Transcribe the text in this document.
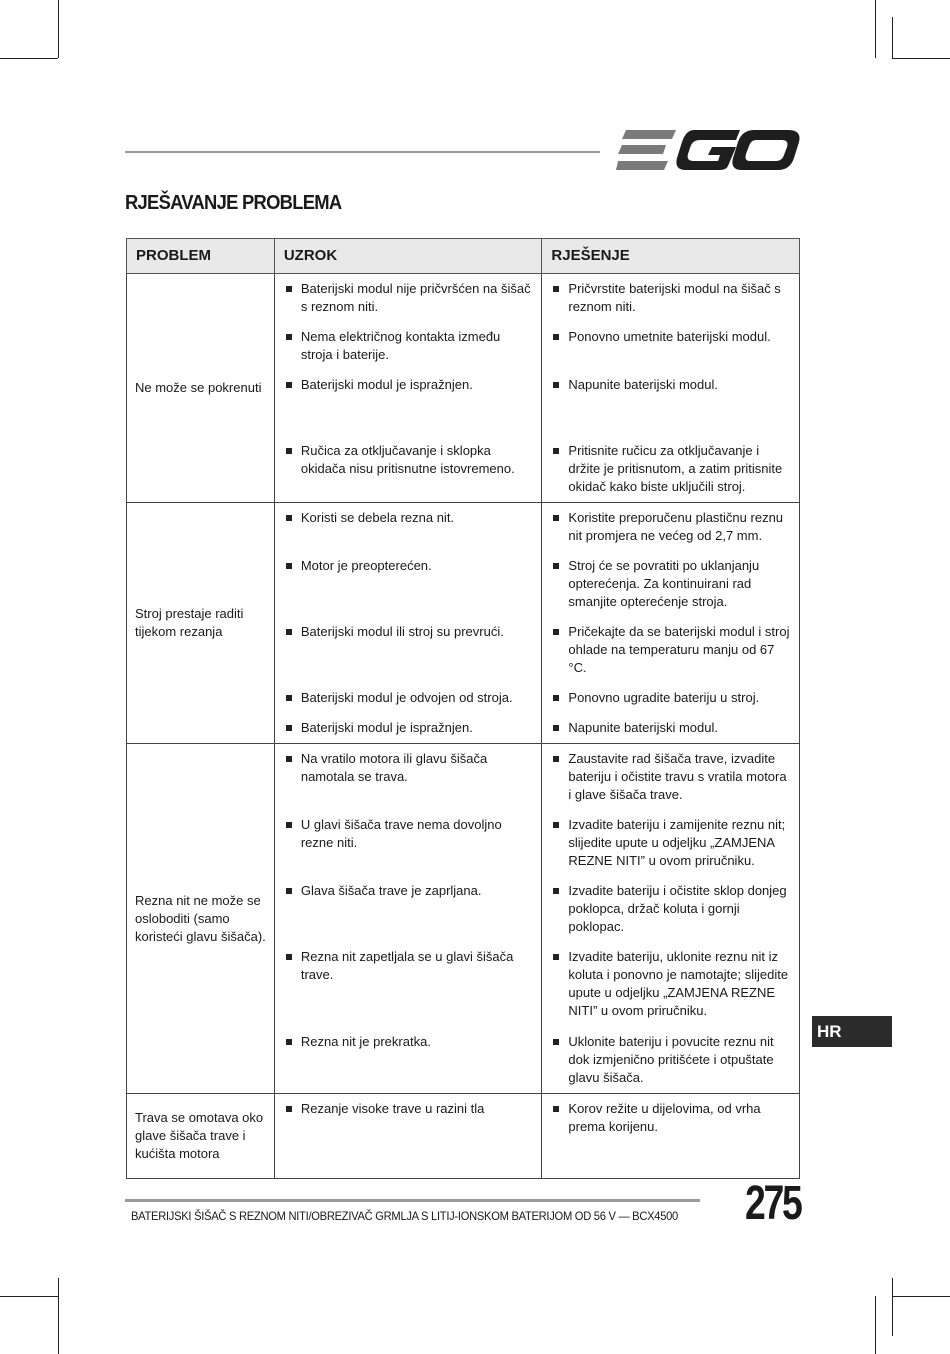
RJEŠAVANJE PROBLEMA
PROBLEM	UZROK	RJEŠENJE
Ne može se pokrenuti	Baterijski modul nije pričvršćen na šišač s reznom niti.	Pričvrstite baterijski modul na šišač s reznom niti.

Nema električnog kontakta između stroja i baterije.	Ponovno umetnite baterijski modul.

Baterijski modul je ispražnjen.	Napunite baterijski modul.

Ručica za otključavanje i sklopka okidača nisu pritisnutne istovremeno.	Pritisnite ručicu za otključavanje i držite je pritisnutom, a zatim pritisnite okidač kako biste uključili stroj.

Stroj prestaje raditi tijekom rezanja	Koristi se debela rezna nit.	Koristite preporučenu plastičnu reznu nit promjera ne većeg od 2,7 mm.

Motor je preopterećen.	Stroj će se povratiti po uklanjanju opterećenja. Za kontinuirani rad smanjite opterećenje stroja.

Baterijski modul ili stroj su prevrući.	Pričekajte da se baterijski modul i stroj ohlade na temperaturu manju od 67 °C.

Baterijski modul je odvojen od stroja.	Ponovno ugradite bateriju u stroj.

Baterijski modul je ispražnjen.	Napunite baterijski modul.

Rezna nit ne može se osloboditi (samo koristeći glavu šišača).	Na vratilo motora ili glavu šišača namotala se trava.	Zaustavite rad šišača trave, izvadite bateriju i očistite travu s vratila motora i glave šišača trave.

U glavi šišača trave nema dovoljno rezne niti.	Izvadite bateriju i zamijenite reznu nit; slijedite upute u odjeljku „ZAMJENA REZNE NITI” u ovom priručniku.

Glava šišača trave je zaprljana.	Izvadite bateriju i očistite sklop donjeg poklopca, držač koluta i gornji poklopac.

Rezna nit zapetljala se u glavi šišača trave.	Izvadite bateriju, uklonite reznu nit iz koluta i ponovno je namotajte; slijedite upute u odjeljku „ZAMJENA REZNE NITI” u ovom priručniku.

Rezna nit je prekratka.	Uklonite bateriju i povucite reznu nit dok izmjenično pritišćete i otpuštate glavu šišača.

Trava se omotava oko glave šišača trave i kućišta motora	Rezanje visoke trave u razini tla	Korov režite u dijelovima, od vrha prema korijenu.
HR
BATERIJSKI ŠIŠAČ S REZNOM NITI/OBREZIVAČ GRMLJA S LITIJ-IONSKOM BATERIJOM OD 56 V — BCX4500 275
